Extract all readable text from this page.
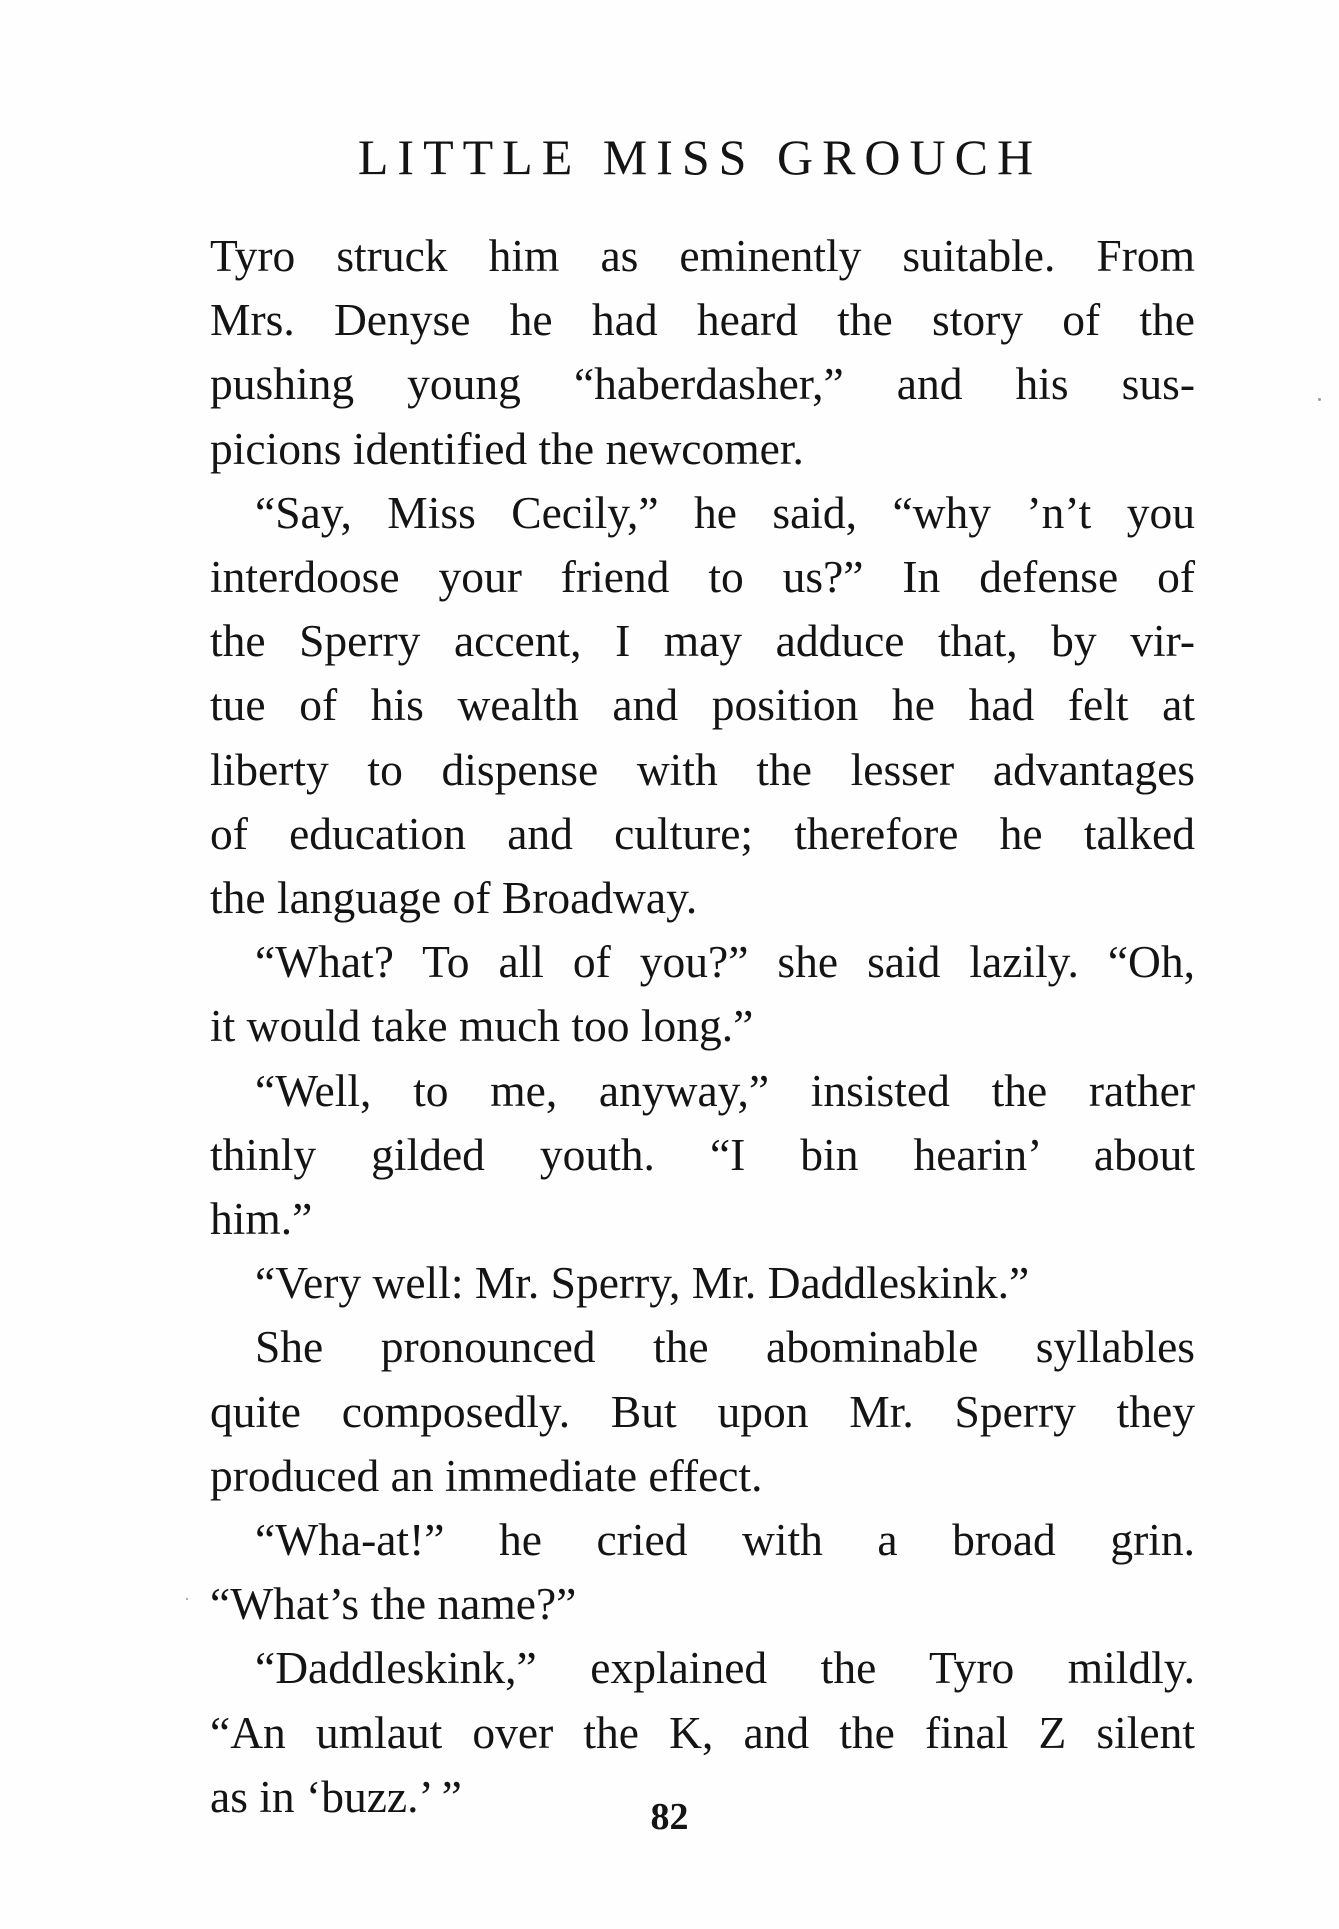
LITTLE MISS GROUCH

Tyro struck him as eminently suitable. From
Mrs. Denyse he had heard the story of the
pushing young “haberdasher,” and his sus-
picions identified the newcomer.

“Say, Miss Cecily,” he said, “why ’n’t you
interdoose your friend to us?” In defense of
the Sperry accent, I may adduce that, by vir-
tue of his wealth and position he had felt at
liberty to dispense with the lesser advantages
of education and culture; therefore he talked
the language of Broadway.

“What? To all of you?” she said lazily. “Oh,
it would take much too long.”

“Well, to me, anyway,” insisted the rather
thinly gilded youth. “I bin hearin’ about
him.”

“Very well: Mr. Sperry, Mr. Daddleskink.”

She pronounced the abominable syllables
quite composedly. But upon Mr. Sperry they
produced an immediate effect.

“Wha-at!” he cried with a broad grin.
“What’s the name?”

“Daddleskink,” explained the Tyro mildly.
“An umlaut over the K, and the final Z silent
as in ‘buzz.’ ”	82
